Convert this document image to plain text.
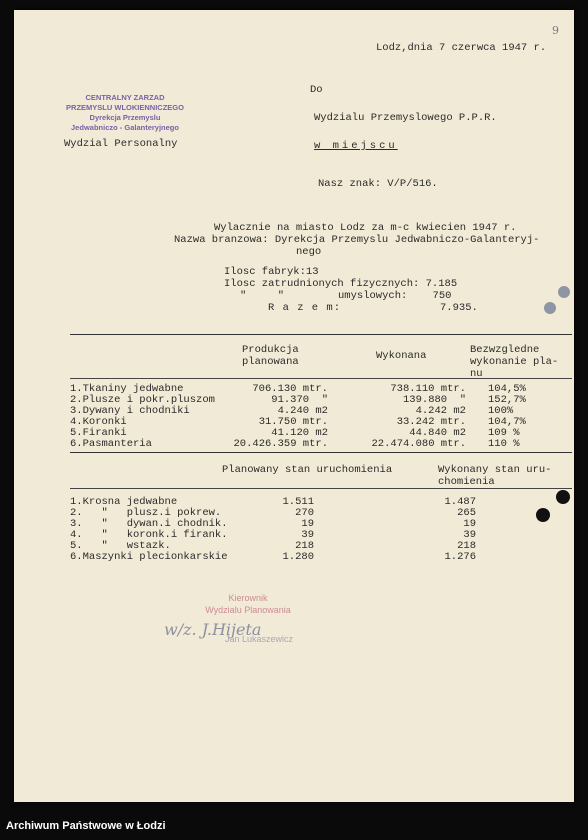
9
Lodz,dnia 7 czerwca 1947 r.
CENTRALNY ZARZAD
PRZEMYSLU WLOKIENNICZEGO
Dyrekcja Przemyslu
Jedwabniczo - Galanteryjnego
Wydzial Personalny
Do
Wydzialu Przemyslowego P.P.R.
w miejscu
Nasz znak: V/P/516.
Wylacznie na miasto Lodz za m-c kwiecien 1947 r.
Nazwa branzowa: Dyrekcja Przemyslu Jedwabniczo-Galanteryj-
nego
Ilosc fabryk:13
Ilosc zatrudnionych fizycznych: 7.185
"     "	umyslowych:    750
R a z e m:	7.935.
Produkcja
planowana	Wykonana	Bezwzgledne
wykonanie pla-
nu
1.Tkaniny jedwabne	706.130 mtr.	738.110 mtr. 104,5%
2.Plusze i pokr.pluszom	91.370  "	139.880  " 152,7%
3.Dywany i chodniki	4.240 m2	4.242 m2 100%
4.Koronki	31.750 mtr.	33.242 mtr. 104,7%
5.Firanki	41.120 m2	44.840 m2 109 %
6.Pasmanteria	20.426.359 mtr.	22.474.080 mtr. 110 %
Planowany stan uruchomienia	Wykonany stan uru-
chomienia
1.Krosna jedwabne	1.511	1.487
2.   "   plusz.i pokrew.	270	265
3.   "   dywan.i chodnik.	19	19
4.   "   koronk.i firank.	39	39
5.   "   wstazk.	218	218
6.Maszynki plecionkarskie	1.280	1.276
Kierownik
Wydzialu Planowania
w/z. J.Hijeta
Jan Lukaszewicz
Archiwum Państwowe w Łodzi
